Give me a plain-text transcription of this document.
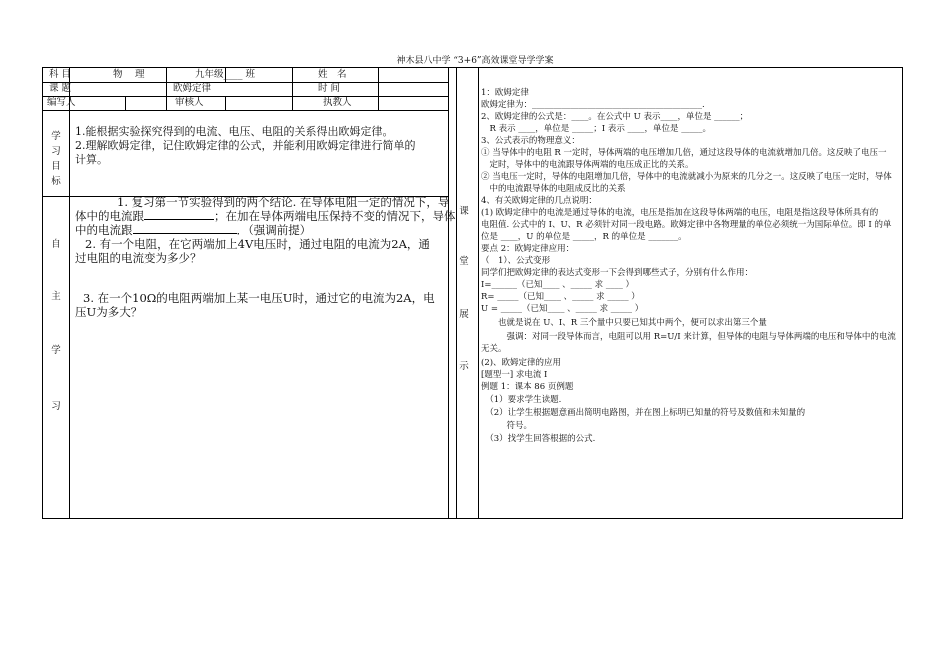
神木县八中学 “3+6”高效课堂导学学案
科 目	物　 理	九年级____ 班	姓　名
课 题	欧姆定律	时 间
编写人	审核人	执教人
学
习
目
标
1.能根据实验探究得到的电流、电压、电阻的关系得出欧姆定律。
2.理解欧姆定律，记住欧姆定律的公式，并能利用欧姆定律进行简单的
计算。
自
主
学
习
1. 复习第一节实验得到的两个结论. 在导体电阻一定的情况下，导
体中的电流跟	；在加在导体两端电压保持不变的情况下，导体
中的电流跟	．（强调前提）
2. 有一个电阻，在它两端加上4V电压时，通过电阻的电流为2A，通
过电阻的电流变为多少？
3. 在一个10Ω的电阻两端加上某一电压U时，通过它的电流为2A，电
压U为多大？
课
堂
展
示
1：欧姆定律
欧姆定律为：________________________________________.
2、欧姆定律的公式是：____。在公式中 U 表示____，单位是 ______；
　R 表示 ____，单位是 _____；I 表示 ____，单位是 _____。
3、公式表示的物理意义：
① 当导体中的电阻 R 一定时，导体两端的电压增加几倍，通过这段导体的电流就增加几倍。这反映了电压一
　定时，导体中的电流跟导体两端的电压成正比的关系。
② 当电压一定时，导体的电阻增加几倍，导体中的电流就减小为原来的几分之一。这反映了电压一定时，导体
　中的电流跟导体的电阻成反比的关系
4、有关欧姆定律的几点说明：
(1) 欧姆定律中的电流是通过导体的电流，电压是指加在这段导体两端的电压，电阻是指这段导体所具有的
电阻值. 公式中的 I、U、R 必须针对同一段电路。欧姆定律中各物理量的单位必须统一为国际单位。即 I 的单
位是 ____，U 的单位是 _____，R 的单位是 _______。
要点 2：欧姆定律应用：
（　1）、公式变形
同学们把欧姆定律的表达式变形一下会得到哪些式子，分别有什么作用：
I=______（已知____ 、_____ 求 ____ ）
R= _____（已知____ 、_____ 求 _____ ）
U = _____（已知____ 、_____ 求 _____ ）
　　也就是说在 U、I、R 三个量中只要已知其中两个，便可以求出第三个量
　　　强调：对同一段导体而言，电阻可以用 R=U/I 来计算，但导体的电阻与导体两端的电压和导体中的电流
无关。
(2)、欧姆定律的应用
[题型一] 求电流 I
例题 1：课本 86 页例题
　（1）要求学生读题.
　（2）让学生根据题意画出简明电路图，并在图上标明已知量的符号及数值和未知量的
　　　符号。
　（3）找学生回答根据的公式.
